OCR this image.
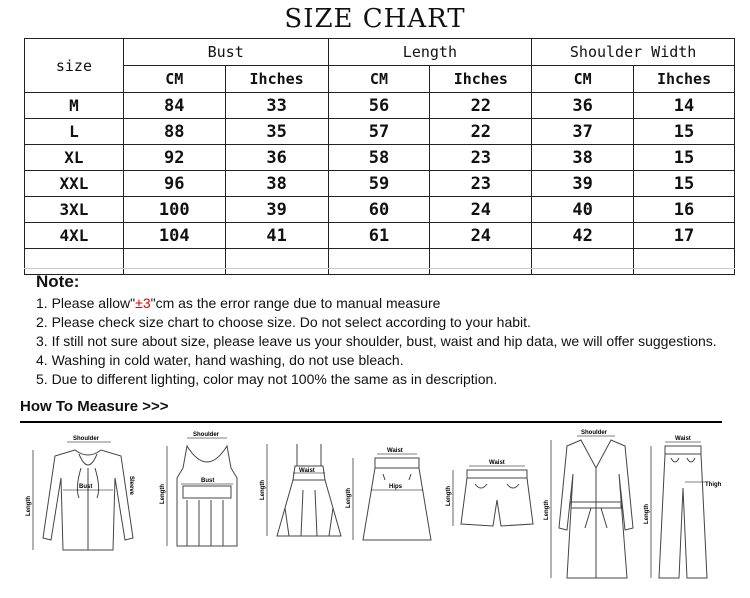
SIZE CHART
size	Bust		Length		Shoulder Width	
	CM	Ihches	CM	Ihches	CM	Ihches
M	84	33	56	22	36	14
L	88	35	57	22	37	15
XL	92	36	58	23	38	15
XXL	96	38	59	23	39	15
3XL	100	39	60	24	40	16
4XL	104	41	61	24	42	17

Note:
1. Please allow"±3"cm as the error range due to manual measure
2. Please check size chart to choose size. Do not select according to your habit.
3. If still not sure about size, please leave us your shoulder, bust, waist and hip data, we will offer suggestions.
4. Washing in cold water, hand washing, do not use bleach.
5. Due to different lighting, color may not 100% the same as in description.
How To Measure >>>
Shoulder
Bust	Sleeve
Length
Shoulder
Bust
Length
Waist
Length
Waist
Hips
Length
Waist
Length
Shoulder
Length
Waist
Thigh
Length
